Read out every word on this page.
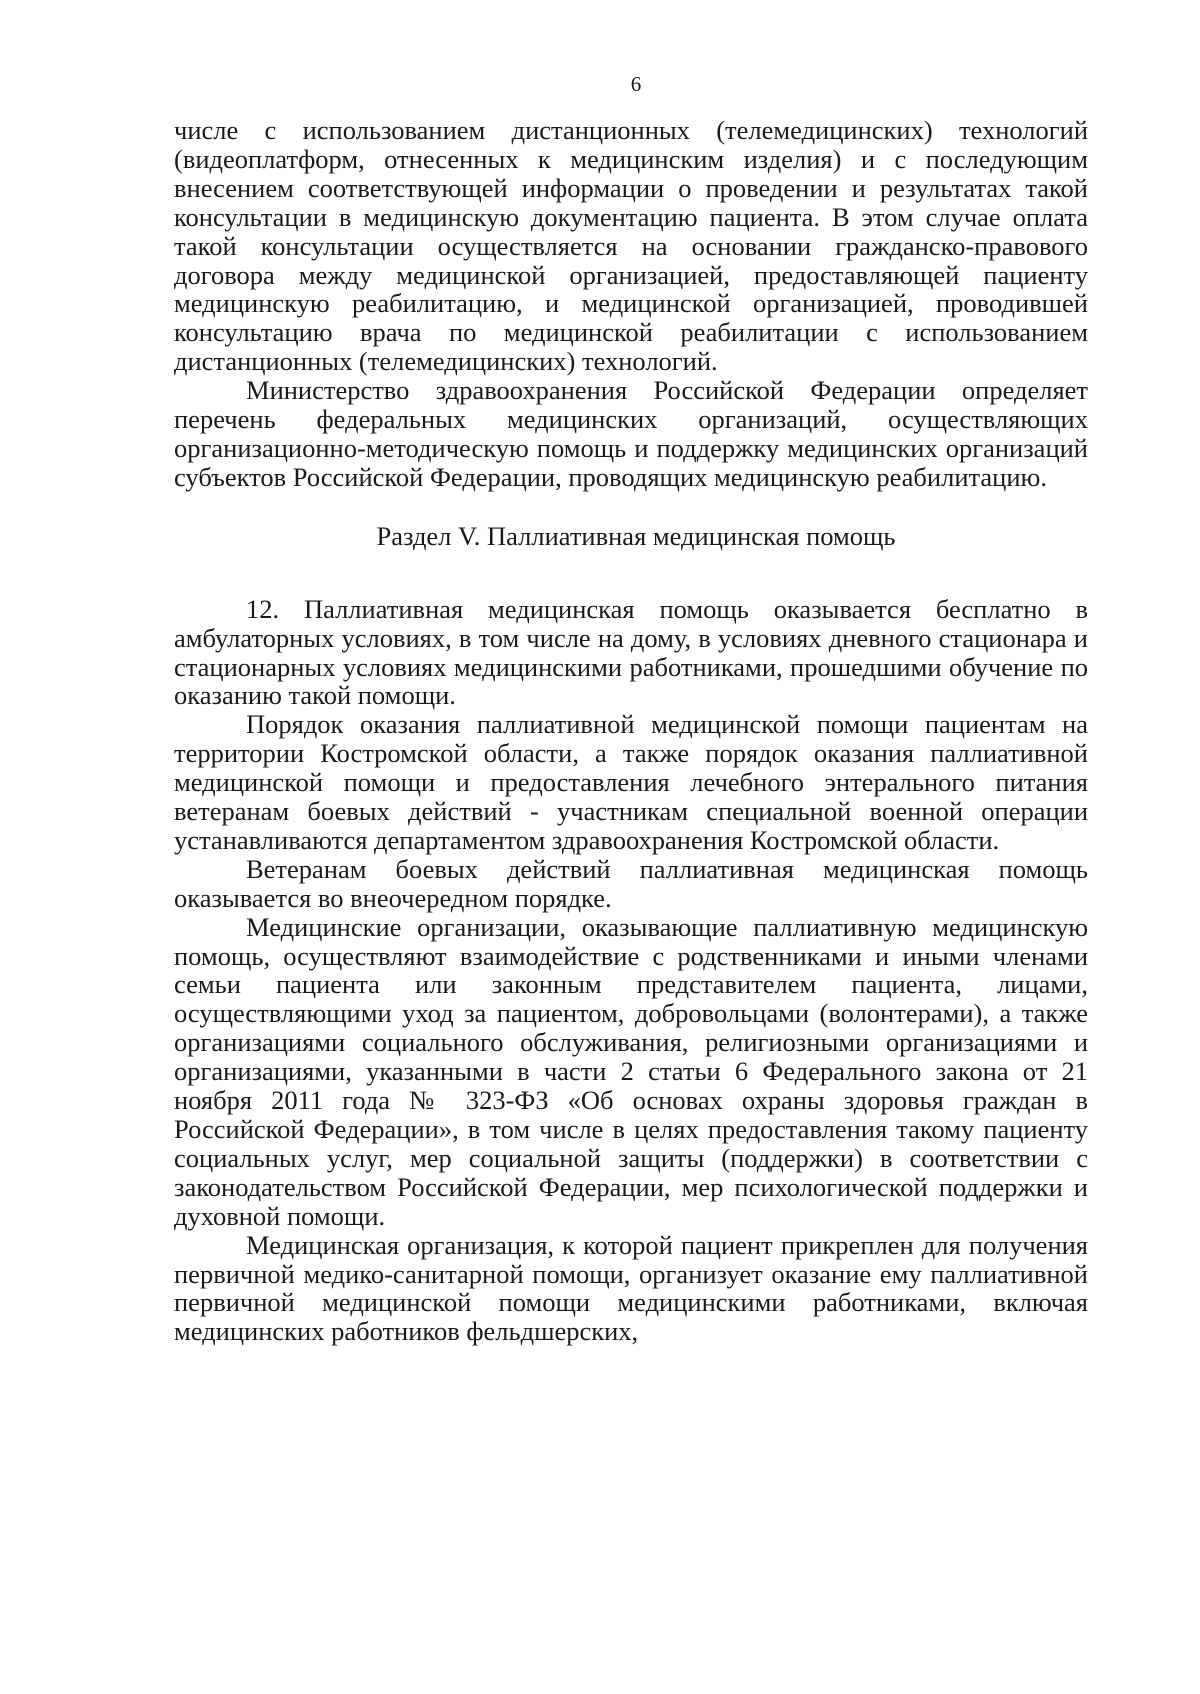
6

числе с использованием дистанционных (телемедицинских) технологий (видеоплатформ, отнесенных к медицинским изделия) и с последующим внесением соответствующей информации о проведении и результатах такой консультации в медицинскую документацию пациента. В этом случае оплата такой консультации осуществляется на основании гражданско-правового договора между медицинской организацией, предоставляющей пациенту медицинскую реабилитацию, и медицинской организацией, проводившей консультацию врача по медицинской реабилитации с использованием дистанционных (телемедицинских) технологий.

Министерство здравоохранения Российской Федерации определяет перечень федеральных медицинских организаций, осуществляющих организационно-методическую помощь и поддержку медицинских организаций субъектов Российской Федерации, проводящих медицинскую реабилитацию.

Раздел V. Паллиативная медицинская помощь

12. Паллиативная медицинская помощь оказывается бесплатно в амбулаторных условиях, в том числе на дому, в условиях дневного стационара и стационарных условиях медицинскими работниками, прошедшими обучение по оказанию такой помощи.

Порядок оказания паллиативной медицинской помощи пациентам на территории Костромской области, а также порядок оказания паллиативной медицинской помощи и предоставления лечебного энтерального питания ветеранам боевых действий - участникам специальной военной операции устанавливаются департаментом здравоохранения Костромской области.

Ветеранам боевых действий паллиативная медицинская помощь оказывается во внеочередном порядке.

Медицинские организации, оказывающие паллиативную медицинскую помощь, осуществляют взаимодействие с родственниками и иными членами семьи пациента или законным представителем пациента, лицами, осуществляющими уход за пациентом, добровольцами (волонтерами), а также организациями социального обслуживания, религиозными организациями и организациями, указанными в части 2 статьи 6 Федерального закона от 21 ноября 2011 года № 323-ФЗ «Об основах охраны здоровья граждан в Российской Федерации», в том числе в целях предоставления такому пациенту социальных услуг, мер социальной защиты (поддержки) в соответствии с законодательством Российской Федерации, мер психологической поддержки и духовной помощи.

Медицинская организация, к которой пациент прикреплен для получения первичной медико-санитарной помощи, организует оказание ему паллиативной первичной медицинской помощи медицинскими работниками, включая медицинских работников фельдшерских,
